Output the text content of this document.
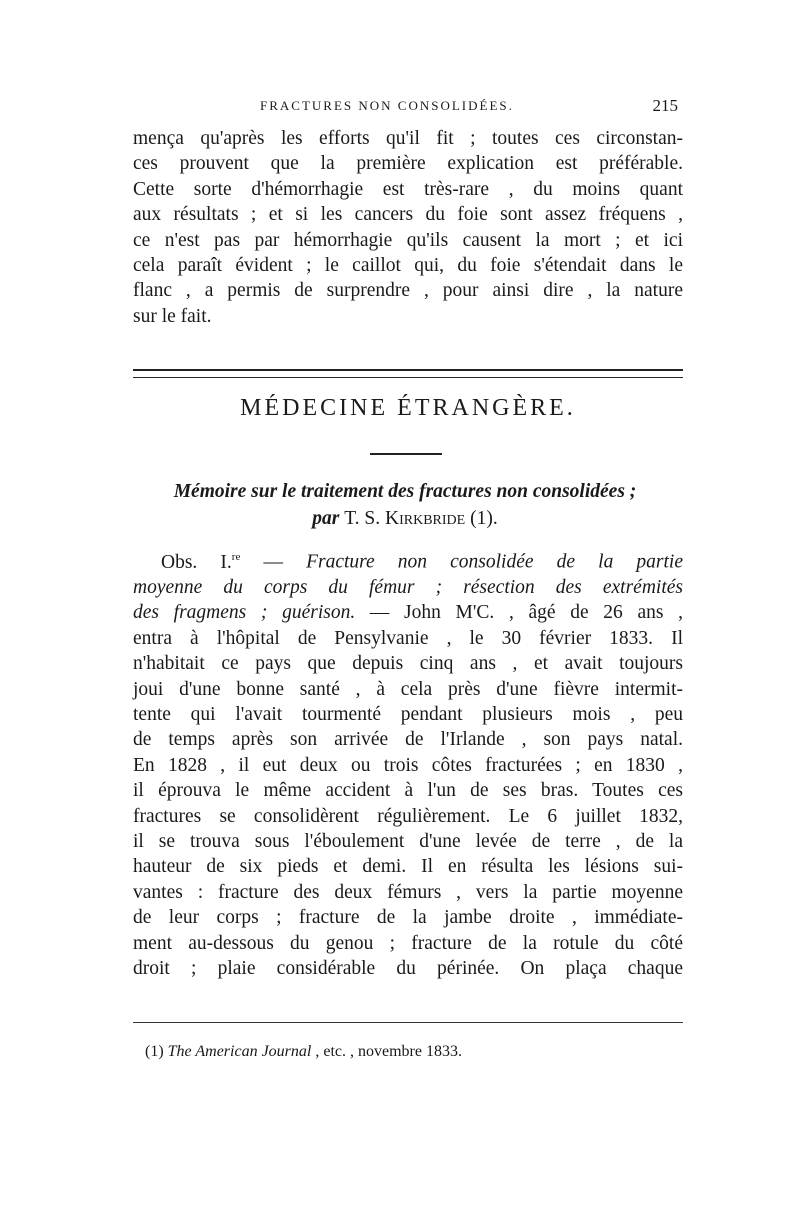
FRACTURES NON CONSOLIDÉES.	215
mença qu'après les efforts qu'il fit ; toutes ces circonstan-
ces prouvent que la première explication est préférable.
Cette sorte d'hémorrhagie est très-rare , du moins quant
aux résultats ; et si les cancers du foie sont assez fréquens ,
ce n'est pas par hémorrhagie qu'ils causent la mort ; et ici
cela paraît évident ; le caillot qui, du foie s'étendait dans le
flanc , a permis de surprendre , pour ainsi dire , la nature
sur le fait.
MÉDECINE ÉTRANGÈRE.
Mémoire sur le traitement des fractures non consolidées ;
par T. S. Kirkbride (1).
Obs. I.$^{re}$ — Fracture non consolidée de la partie
moyenne du corps du fémur ; résection des extrémités
des fragmens ; guérison. — John M'C. , âgé de 26 ans ,
entra à l'hôpital de Pensylvanie , le 30 février 1833. Il
n'habitait ce pays que depuis cinq ans , et avait toujours
joui d'une bonne santé , à cela près d'une fièvre intermit-
tente qui l'avait tourmenté pendant plusieurs mois , peu
de temps après son arrivée de l'Irlande , son pays natal.
En 1828 , il eut deux ou trois côtes fracturées ; en 1830 ,
il éprouva le même accident à l'un de ses bras. Toutes ces
fractures se consolidèrent régulièrement. Le 6 juillet 1832,
il se trouva sous l'éboulement d'une levée de terre , de la
hauteur de six pieds et demi. Il en résulta les lésions sui-
vantes : fracture des deux fémurs , vers la partie moyenne
de leur corps ; fracture de la jambe droite , immédiate-
ment au-dessous du genou ; fracture de la rotule du côté
droit ; plaie considérable du périnée. On plaça chaque
(1) The American Journal , etc. , novembre 1833.
